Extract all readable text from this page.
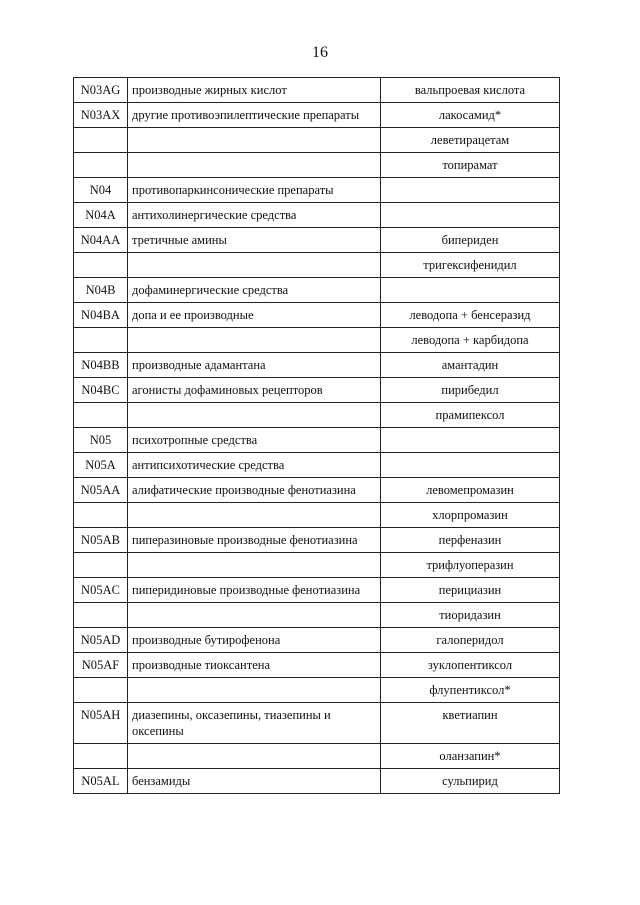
16
N03AG	производные жирных кислот	вальпроевая кислота
N03AX	другие противоэпилептические препараты	лакосамид*
		леветирацетам
		топирамат
N04	противопаркинсонические препараты	
N04A	антихолинергические средства	
N04AA	третичные амины	бипериден
		тригексифенидил
N04B	дофаминергические средства	
N04BA	допа и ее производные	леводопа + бенсеразид
		леводопа + карбидопа
N04BB	производные адамантана	амантадин
N04BC	агонисты дофаминовых рецепторов	пирибедил
		прамипексол
N05	психотропные средства	
N05A	антипсихотические средства	
N05AA	алифатические производные фенотиазина	левомепромазин
		хлорпромазин
N05AB	пиперазиновые производные фенотиазина	перфеназин
		трифлуоперазин
N05AC	пиперидиновые производные фенотиазина	перициазин
		тиоридазин
N05AD	производные бутирофенона	галоперидол
N05AF	производные тиоксантена	зуклопентиксол
		флупентиксол*
N05AH	диазепины, оксазепины, тиазепины и оксепины	кветиапин
		оланзапин*
N05AL	бензамиды	сульпирид
